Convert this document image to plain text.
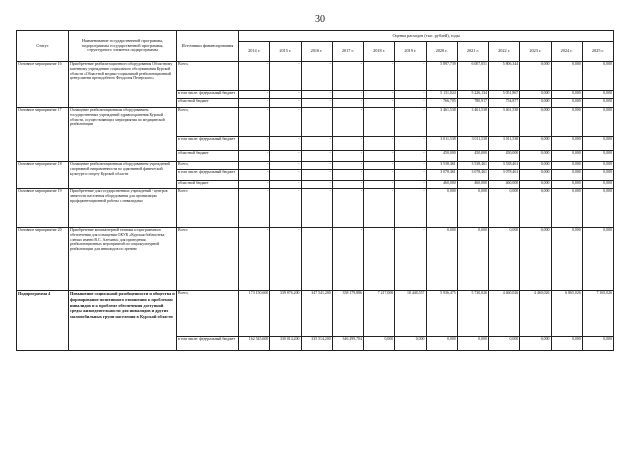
30
Статус	Наименование государственной программы, подпрограммы государственной программы, структурного элемента подпрограммы	Источники финансирования	Оценка расходов (тыс. рублей), годы											
			2014 г.	2015 г.	2016 г.	2017 г.	2018 г.	2019 г.	2020 г.	2021 г.	2022 г.	2023 г.	2024 г.	2025 г.
Основное мероприятие 16	Приобретение реабилитационного оборудования Областному казенному учреждению социального обслуживания Курской области «Областной медико-социальный реабилитационный центр имени преподобного Феодосия Печерского»	Всего,	-	-	-	-	-	-	5 897,739	6 007,051	5 806,344	0,000	0,000	0,000
		в том числе: федеральный бюджет	-	-	-	-	-	-	5 131,024	5 226,134	5 051,867	0,000	0,000	0,000
		областной бюджет	-	-	-	-	-	-	766,705	780,917	754,877	0,000	0,000	0,000
Основное мероприятие 17	Оснащение реабилитационным оборудованием государственных учреждений здравоохранения Курской области, осуществляющих мероприятия по медицинской реабилитации	Всего,	-	-	-	-	-	-	3 461,538	3 461,538	3 461,538	0,000	0,000	0,000
		в том числе: федеральный бюджет	-	-	-	-	-	-	3 011,538	3 011,538	3 011,538	0,000	0,000	0,000
		областной бюджет	-	-	-	-	-	-	450,000	450,000	450,000	0,000	0,000	0,000
Основное мероприятие 18	Оснащение реабилитационным оборудованием учреждений спортивной направленности по адаптивной физической культуре и спорту Курской области	Всего,	-	-	-	-	-	-	3 538,461	3 538,461	3 538,461	0,000	0,000	0,000
		в том числе: федеральный бюджет	-	-	-	-	-	-	3 078,461	3 078,461	3 078,461	0,000	0,000	0,000
		областной бюджет	-	-	-	-	-	-	460,000	460,000	460,000	0,000	0,000	0,000
Основное мероприятие 19	Приобретение для государственных учреждений - центров занятости населения оборудования для организации профориентационной работы с инвалидами	Всего	-	-	-	-	-	-	0,000	0,000	0,000	0,000	0,000	0,000
Основное мероприятие 20	Приобретение компьютерной техники и программного обеспечения для оснащения ОКУК «Курская библиотека слепых имени В.С. Алехина» для проведения реабилитационных мероприятий по социокультурной реабилитации для инвалидов по зрению	Всего	-	-	-	-	-	-	0,000	0,000	0,000	0,000	0,000	0,000
Подпрограмма 4	Повышение социальной разобщенности и общества и формирование позитивного отношения к проблемам инвалидов и к проблеме обеспечения доступной среды жизнедеятельности для инвалидов и других маломобильных групп населения в Курской области	Всего,	173 150,600	339 876,200	347 541,200	358 179,886	7 217,000	10 440,557	5 936,475	5 730,026	4 460,026	4 460,026	6 865,026	7 165,026
		в том числе: федеральный бюджет	162 545,600	330 014,200	335 514,200	346 299,704	0,000	0,000	0,000	0,000	0,000	0,000	0,000	0,000
